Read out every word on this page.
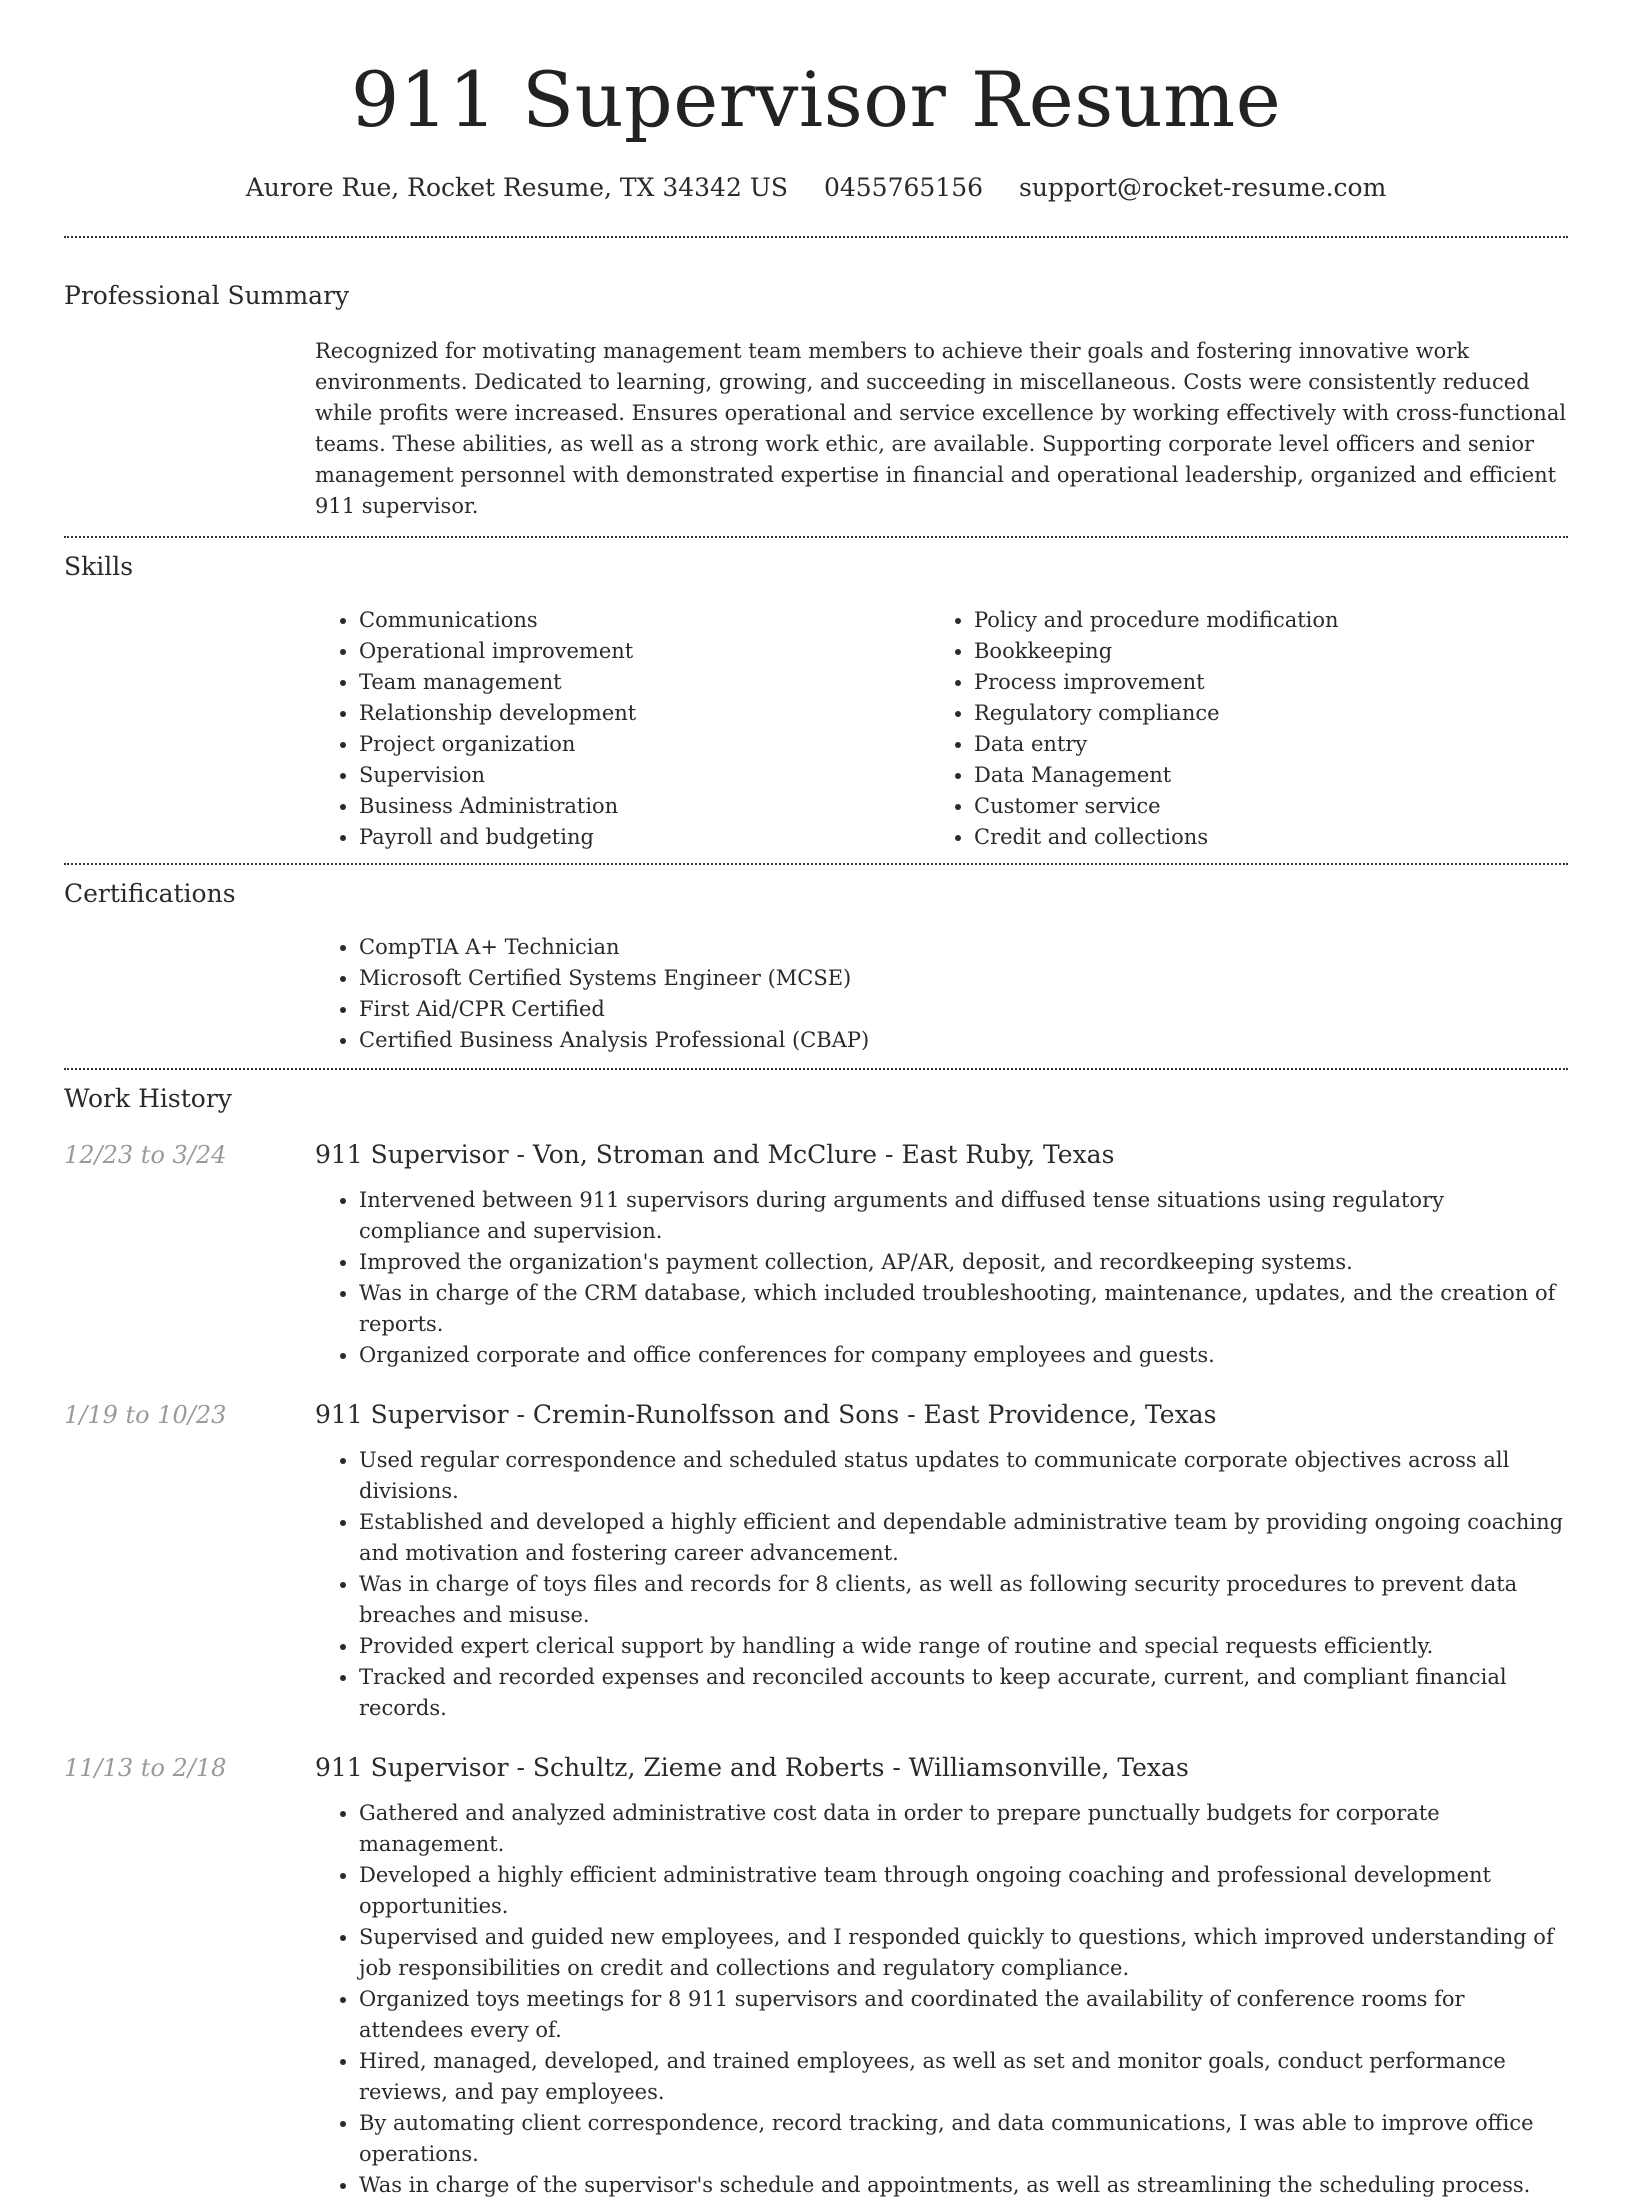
911 Supervisor Resume
Aurore Rue, Rocket Resume, TX 34342 US 0455765156 support@rocket-resume.com
Professional Summary
Recognized for motivating management team members to achieve their goals and fostering innovative work environments. Dedicated to learning, growing, and succeeding in miscellaneous. Costs were consistently reduced while profits were increased. Ensures operational and service excellence by working effectively with cross-functional teams. These abilities, as well as a strong work ethic, are available. Supporting corporate level officers and senior management personnel with demonstrated expertise in financial and operational leadership, organized and efficient 911 supervisor.
Skills
• Communications
• Operational improvement
• Team management
• Relationship development
• Project organization
• Supervision
• Business Administration
• Payroll and budgeting
• Policy and procedure modification
• Bookkeeping
• Process improvement
• Regulatory compliance
• Data entry
• Data Management
• Customer service
• Credit and collections
Certifications
• CompTIA A+ Technician
• Microsoft Certified Systems Engineer (MCSE)
• First Aid/CPR Certified
• Certified Business Analysis Professional (CBAP)
Work History
12/23 to 3/24	911 Supervisor - Von, Stroman and McClure - East Ruby, Texas
• Intervened between 911 supervisors during arguments and diffused tense situations using regulatory compliance and supervision.
• Improved the organization's payment collection, AP/AR, deposit, and recordkeeping systems.
• Was in charge of the CRM database, which included troubleshooting, maintenance, updates, and the creation of reports.
• Organized corporate and office conferences for company employees and guests.
1/19 to 10/23	911 Supervisor - Cremin-Runolfsson and Sons - East Providence, Texas
• Used regular correspondence and scheduled status updates to communicate corporate objectives across all divisions.
• Established and developed a highly efficient and dependable administrative team by providing ongoing coaching and motivation and fostering career advancement.
• Was in charge of toys files and records for 8 clients, as well as following security procedures to prevent data breaches and misuse.
• Provided expert clerical support by handling a wide range of routine and special requests efficiently.
• Tracked and recorded expenses and reconciled accounts to keep accurate, current, and compliant financial records.
11/13 to 2/18	911 Supervisor - Schultz, Zieme and Roberts - Williamsonville, Texas
• Gathered and analyzed administrative cost data in order to prepare punctually budgets for corporate management.
• Developed a highly efficient administrative team through ongoing coaching and professional development opportunities.
• Supervised and guided new employees, and I responded quickly to questions, which improved understanding of job responsibilities on credit and collections and regulatory compliance.
• Organized toys meetings for 8 911 supervisors and coordinated the availability of conference rooms for attendees every of.
• Hired, managed, developed, and trained employees, as well as set and monitor goals, conduct performance reviews, and pay employees.
• By automating client correspondence, record tracking, and data communications, I was able to improve office operations.
• Was in charge of the supervisor's schedule and appointments, as well as streamlining the scheduling process.
